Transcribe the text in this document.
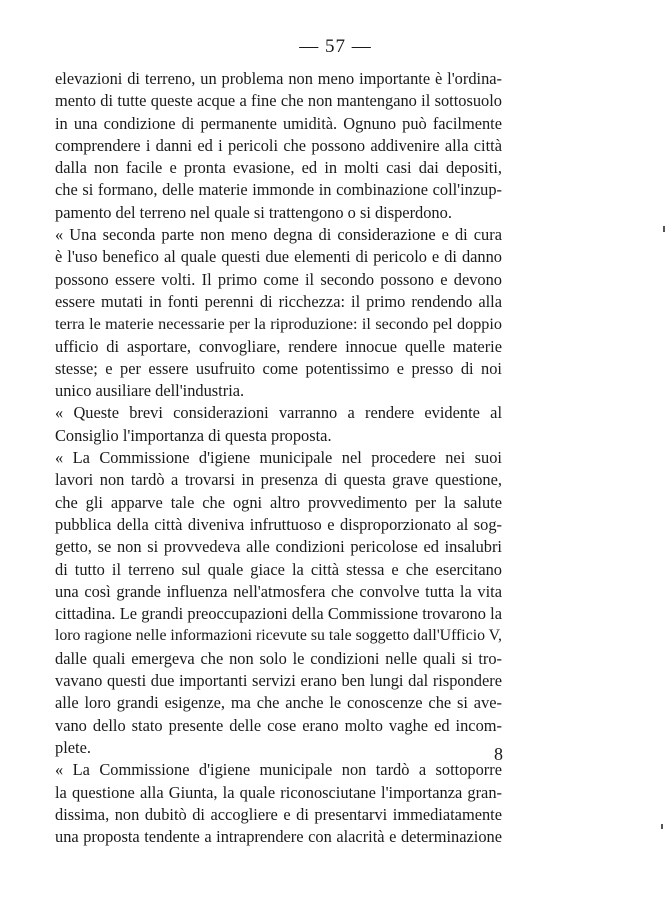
— 57 —
elevazioni di terreno, un problema non meno importante è l'ordina-
mento di tutte queste acque a fine che non mantengano il sottosuolo
in una condizione di permanente umidità. Ognuno può facilmente
comprendere i danni ed i pericoli che possono addivenire alla città
dalla non facile e pronta evasione, ed in molti casi dai depositi,
che si formano, delle materie immonde in combinazione coll'inzup-
pamento del terreno nel quale si trattengono o si disperdono.
« Una seconda parte non meno degna di considerazione e di cura
è l'uso benefico al quale questi due elementi di pericolo e di danno
possono essere volti. Il primo come il secondo possono e devono
essere mutati in fonti perenni di ricchezza: il primo rendendo alla
terra le materie necessarie per la riproduzione: il secondo pel doppio
ufficio di asportare, convogliare, rendere innocue quelle materie
stesse; e per essere usufruito come potentissimo e presso di noi
unico ausiliare dell'industria.
« Queste brevi considerazioni varranno a rendere evidente al
Consiglio l'importanza di questa proposta.
« La Commissione d'igiene municipale nel procedere nei suoi
lavori non tardò a trovarsi in presenza di questa grave questione,
che gli apparve tale che ogni altro provvedimento per la salute
pubblica della città diveniva infruttuoso e disproporzionato al sog-
getto, se non si provvedeva alle condizioni pericolose ed insalubri
di tutto il terreno sul quale giace la città stessa e che esercitano
una così grande influenza nell'atmosfera che convolve tutta la vita
cittadina. Le grandi preoccupazioni della Commissione trovarono la
loro ragione nelle informazioni ricevute su tale soggetto dall'Ufficio V,
dalle quali emergeva che non solo le condizioni nelle quali si tro-
vavano questi due importanti servizi erano ben lungi dal rispondere
alle loro grandi esigenze, ma che anche le conoscenze che si ave-
vano dello stato presente delle cose erano molto vaghe ed incom-
plete.
« La Commissione d'igiene municipale non tardò a sottoporre
la questione alla Giunta, la quale riconosciutane l'importanza gran-
dissima, non dubitò di accogliere e di presentarvi immediatamente
una proposta tendente a intraprendere con alacrità e determinazione
8
